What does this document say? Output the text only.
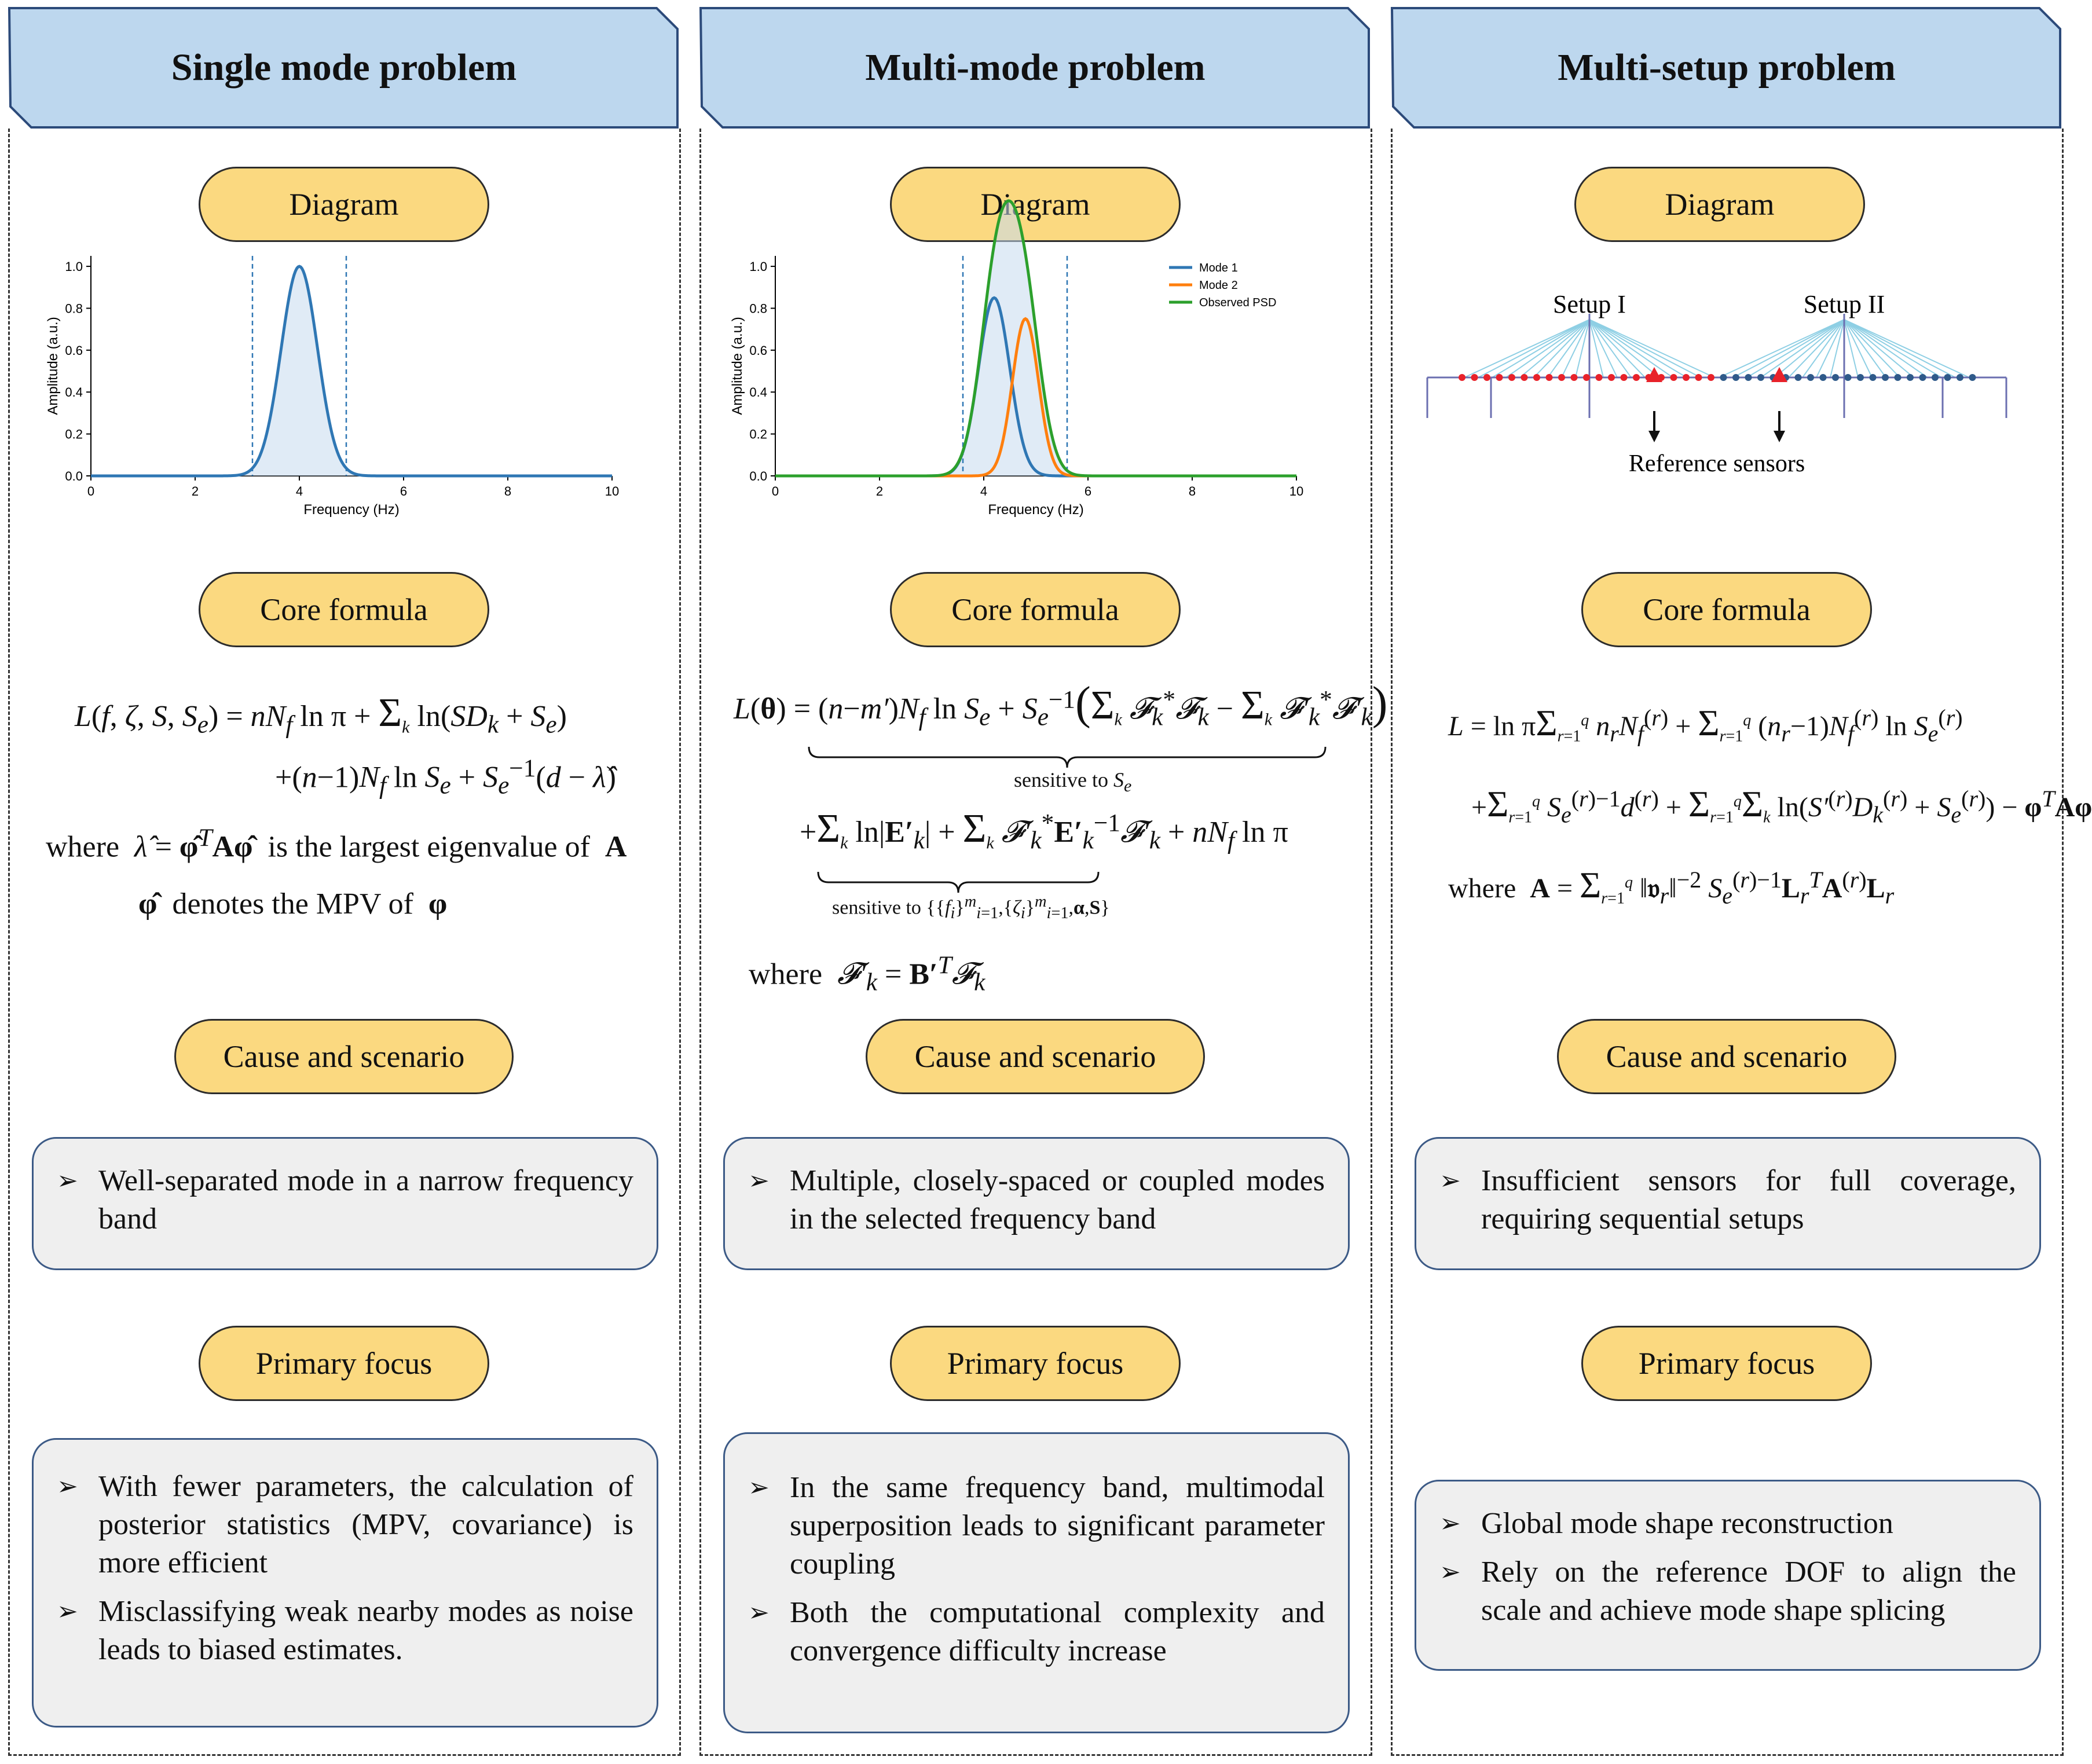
Single mode problem
Diagram
0	2	4	6	8	10
0.0
0.2
0.4
0.6
0.8
1.0
Frequency (Hz)
Amplitude (a.u.)
Core formula
L(f, ζ, S, $S_e) = nN_f$ $\ln \pi + \Sigma_k$ $\ln(SD_k + S_e)$
$+(n-1)N_f$ $\ln S_e + S_e^{-1}(d$ − λ̂)
where  λ̂ = φ̂$^T$Aφ̂  is the largest eigenvalue of  A
φ̂  denotes the MPV of  φ
Cause and scenario
➢ Well-separated mode in a narrow frequency band
Primary focus
➢ With fewer parameters, the calculation of posterior statistics (MPV, covariance) is more efficient
➢ Misclassifying weak nearby modes as noise leads to biased estimates.
Multi-mode problem
Diagram
0	2	4	6	8	10
0.0
0.2
0.4
0.6
0.8
1.0
Frequency (Hz)
Amplitude (a.u.)
Mode 1
Mode 2
Observed PSD
Core formula
$L(\theta) = (n-m')N_f$ $\ln S_e + S_e^{-1}(\Sigma_k$ 𝓕$_k$*𝓕$_k$ − $\Sigma_k$ $𝓕'_k^*𝓕'_k$)
sensitive to $S_e$
$+\Sigma_k$ $\ln|E'_k| + \Sigma_k$ $𝓕'_k^*E'_k^{-1}𝓕'_k + nN_f$ ln π
sensitive to $\{\{f_i\}^m_{i=1},\{\zeta_i\}^m_{i=1},\alpha,S\}$
where  $𝓕'_k$ = $B'^T𝓕_k$
Cause and scenario
➢ Multiple, closely-spaced or coupled modes in the selected frequency band
Primary focus
➢ In the same frequency band, multimodal superposition leads to significant parameter coupling
➢ Both the computational complexity and convergence difficulty increase
Multi-setup problem
Diagram
Setup I	Setup II
Reference sensors
Core formula
$L = \ln \pi\Sigma_{r=1}^q$ $n_rN_f^{(r)} + \Sigma_{r=1}^q$ $(n_r-1)N_f^{(r)}$ $\ln S_e^{(r)}$
$+\Sigma_{r=1}^q$ $S_e^{(r)-1}d^{(r)} + \Sigma_{r=1}^q\Sigma_k$ $\ln(S'^{(r)}D_k^{(r)} + S_e^{(r)}) - \varphi^TA\varphi$
where  $A = \Sigma_{r=1}^q$ ‖𝔳$_r$‖$^{-2}$ $S_e^{(r)-1}L_r^TA^{(r)}L_r$
Cause and scenario
➢ Insufficient sensors for full coverage, requiring sequential setups
Primary focus
➢ Global mode shape reconstruction
➢ Rely on the reference DOF to align the scale and achieve mode shape splicing
